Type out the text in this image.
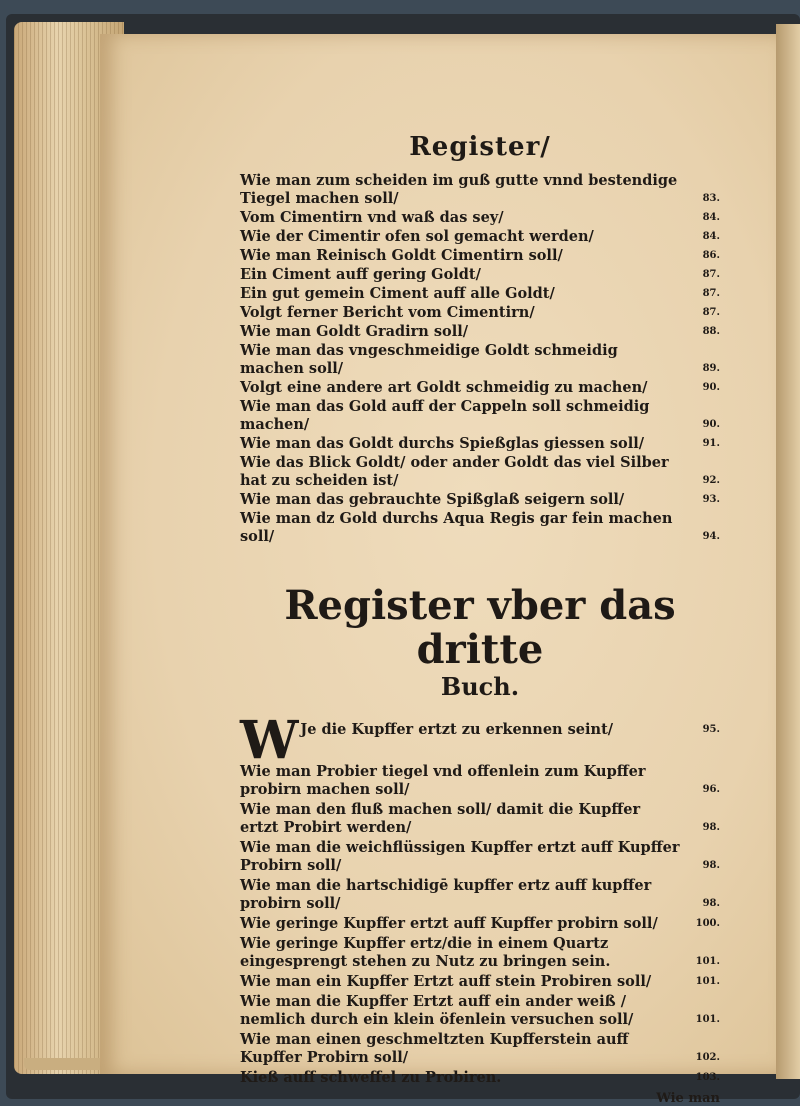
Register/
Wie man zum scheiden im guß gutte vnnd bestendige Tiegel machen soll/	83.
Vom Cimentirn vnd waß das sey/	84.
Wie der Cimentir ofen sol gemacht werden/	84.
Wie man Reinisch Goldt Cimentirn soll/	86.
Ein Ciment auff gering Goldt/	87.
Ein gut gemein Ciment auff alle Goldt/	87.
Volgt ferner Bericht vom Cimentirn/	87.
Wie man Goldt Gradirn soll/	88.
Wie man das vngeschmeidige Goldt schmeidig machen soll/	89.
Volgt eine andere art Goldt schmeidig zu machen/	90.
Wie man das Gold auff der Cappeln soll schmeidig machen/	90.
Wie man das Goldt durchs Spießglas giessen soll/	91.
Wie das Blick Goldt/ oder ander Goldt das viel Silber hat zu scheiden ist/	92.
Wie man das gebrauchte Spißglaß seigern soll/	93.
Wie man dz Gold durchs Aqua Regis gar fein machen soll/	94.
Register vber das dritte
Buch.
W Je die Kupffer ertzt zu erkennen seint/	95.
Wie man Probier tiegel vnd offenlein zum Kupffer probirn machen soll/	96.
Wie man den fluß machen soll/ damit die Kupffer ertzt Probirt werden/	98.
Wie man die weichflüssigen Kupffer ertzt auff Kupffer Probirn soll/	98.
Wie man die hartschidigē kupffer ertz auff kupffer probirn soll/	98.
Wie geringe Kupffer ertzt auff Kupffer probirn soll/	100.
Wie geringe Kupffer ertz/die in einem Quartz eingesprengt stehen zu Nutz zu bringen sein.	101.
Wie man ein Kupffer Ertzt auff stein Probiren soll/	101.
Wie man die Kupffer Ertzt auff ein ander weiß / nemlich durch ein klein öfenlein versuchen soll/	101.
Wie man einen geschmeltzten Kupfferstein auff Kupffer Probirn soll/	102.
Kieß auff schweffel zu Probiren.	103.
Wie man
